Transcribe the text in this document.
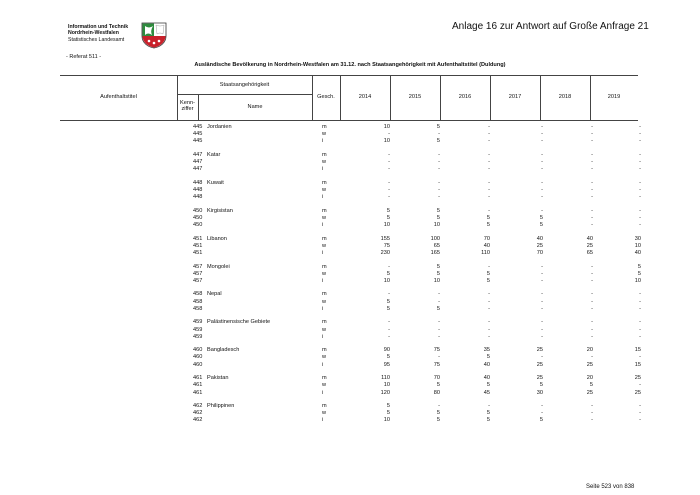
Information und Technik
Nordrhein-Westfalen
Statistisches Landesamt
Anlage 16 zur Antwort auf Große Anfrage 21
- Referat 511 -
Ausländische Bevölkerung in Nordrhein-Westfalen am 31.12. nach Staatsangehörigkeit mit Aufenthaltstitel (Duldung)
Aufenthaltstitel
Staatsangehörigkeit
Kenn-
ziffer	Name
Gesch.	2014	2015	2016	2017	2018	2019
445 Jordanien	m	10	5	-	-	-	-
445	w	-	-	-	-	-	-
445	i	10	5	-	-	-	-
447 Katar	m	-	-	-	-	-	-
447	w	-	-	-	-	-	-
447	i	-	-	-	-	-	-
448 Kuwait	m	-	-	-	-	-	-
448	w	-	-	-	-	-	-
448	i	-	-	-	-	-	-
450 Kirgisistan	m	5	5	-	-	-	-
450	w	5	5	5	5	-	-
450	i	10	10	5	5	-	-
451 Libanon	m	155	100	70	40	40	30
451	w	75	65	40	25	25	10
451	i	230	165	110	70	65	40
457 Mongolei	m	-	5	-	-	-	5
457	w	5	5	5	-	-	5
457	i	10	10	5	-	-	10
458 Nepal	m	-	-	-	-	-	-
458	w	5	-	-	-	-	-
458	i	5	5	-	-	-	-
459 Palästinensische Gebiete	m	-	-	-	-	-	-
459	w	-	-	-	-	-	-
459	i	-	-	-	-	-	-
460 Bangladesch	m	90	75	35	25	20	15
460	w	5	-	5	-	-	-
460	i	95	75	40	25	25	15
461 Pakistan	m	110	70	40	25	20	25
461	w	10	5	5	5	5	-
461	i	120	80	45	30	25	25
462 Philippinen	m	5	-	-	-	-	-
462	w	5	5	5	-	-	-
462	i	10	5	5	5	-	-
Seite 523 von 838
